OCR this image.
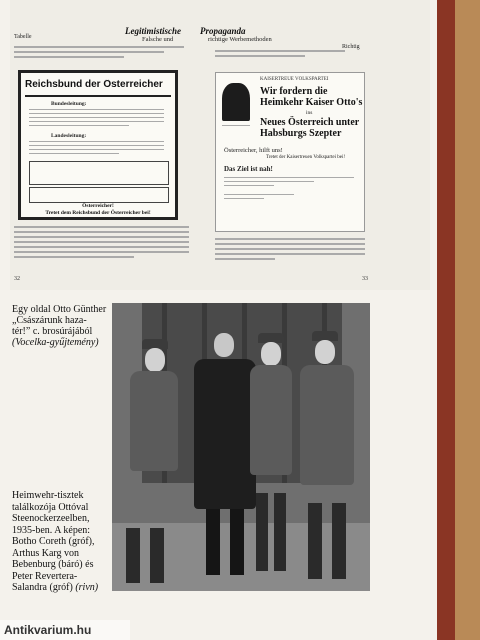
Tabelle
Legitimistische Propaganda
Falsche und	richtige Werbemethoden
Richtig
Reichsbund der Österreicher
Bundesleitung:
Landesleitung:
Österreicher!
Tretet dem Reichsbund der Österreicher bei!
KAISERTREUE VOLKSPARTEI
Wir fordern die
Heimkehr Kaiser Otto's
ins
Neues Österreich unter
Habsburgs Szepter
Österreicher, hilft uns!
Tretet der Kaisertreuen Volkspartei bei!
Das Ziel ist nah!
32	33
Egy oldal Otto Günther
„Császárunk haza-
tér!” c. brosúrájából
(Vocelka-gyűjtemény)
Heimwehr-tisztek találkozója Ottóval Steenockerzeelben, 1935-ben. A képen: Botho Coreth (gróf), Arthus Karg von Bebenburg (báró) és Peter Revertera-Salandra (gróf) (rivn)
Antikvarium.hu
